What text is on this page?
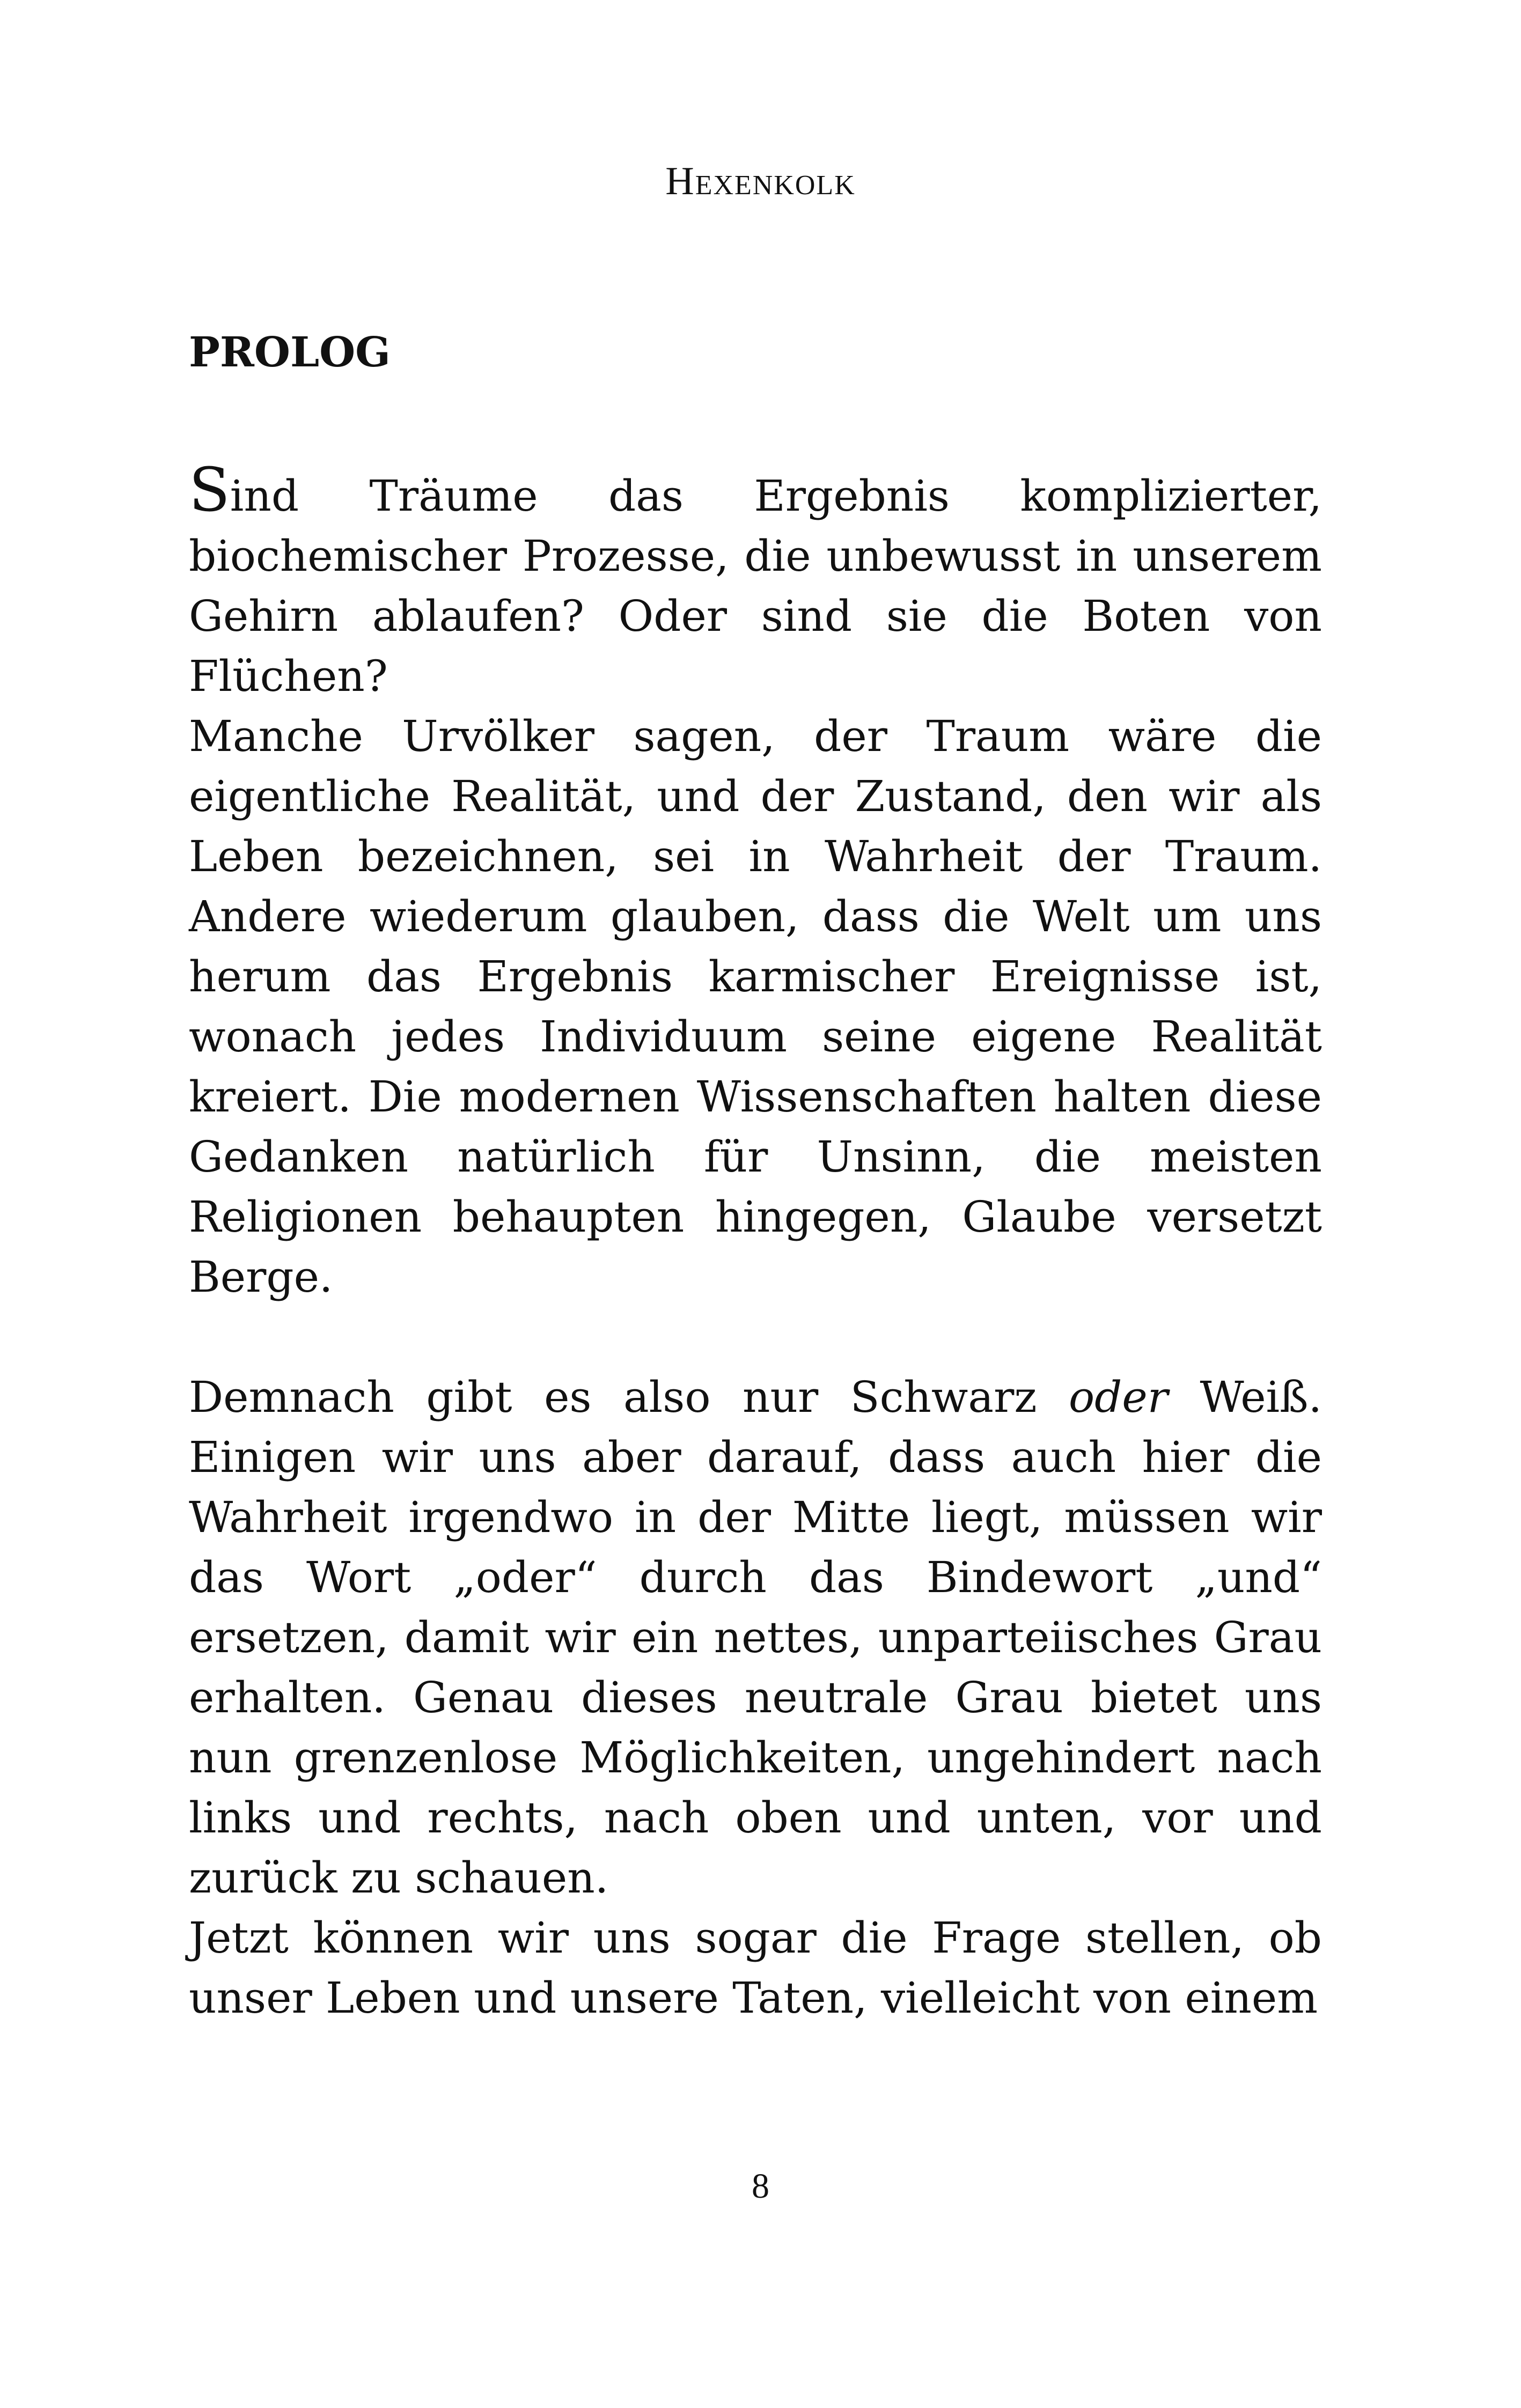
Hexenkolk
PROLOG

Sind Träume das Ergebnis komplizierter, biochemischer Prozesse, die unbewusst in unserem Gehirn ablaufen? Oder sind sie die Boten von Flüchen?

Manche Urvölker sagen, der Traum wäre die eigentliche Realität, und der Zustand, den wir als Leben bezeichnen, sei in Wahrheit der Traum. Andere wiederum glauben, dass die Welt um uns herum das Ergebnis karmischer Ereignisse ist, wonach jedes Individuum seine eigene Realität kreiert. Die modernen Wissenschaften halten diese Gedanken natürlich für Unsinn, die meisten Religionen behaupten hingegen, Glaube versetzt Berge.

Demnach gibt es also nur Schwarz oder Weiß. Einigen wir uns aber darauf, dass auch hier die Wahrheit irgendwo in der Mitte liegt, müssen wir das Wort „oder“ durch das Bindewort „und“ ersetzen, damit wir ein nettes, unparteiisches Grau erhalten. Genau dieses neutrale Grau bietet uns nun grenzenlose Möglichkeiten, ungehindert nach links und rechts, nach oben und unten, vor und zurück zu schauen.

Jetzt können wir uns sogar die Frage stellen, ob unser Leben und unsere Taten, vielleicht von einem

8
